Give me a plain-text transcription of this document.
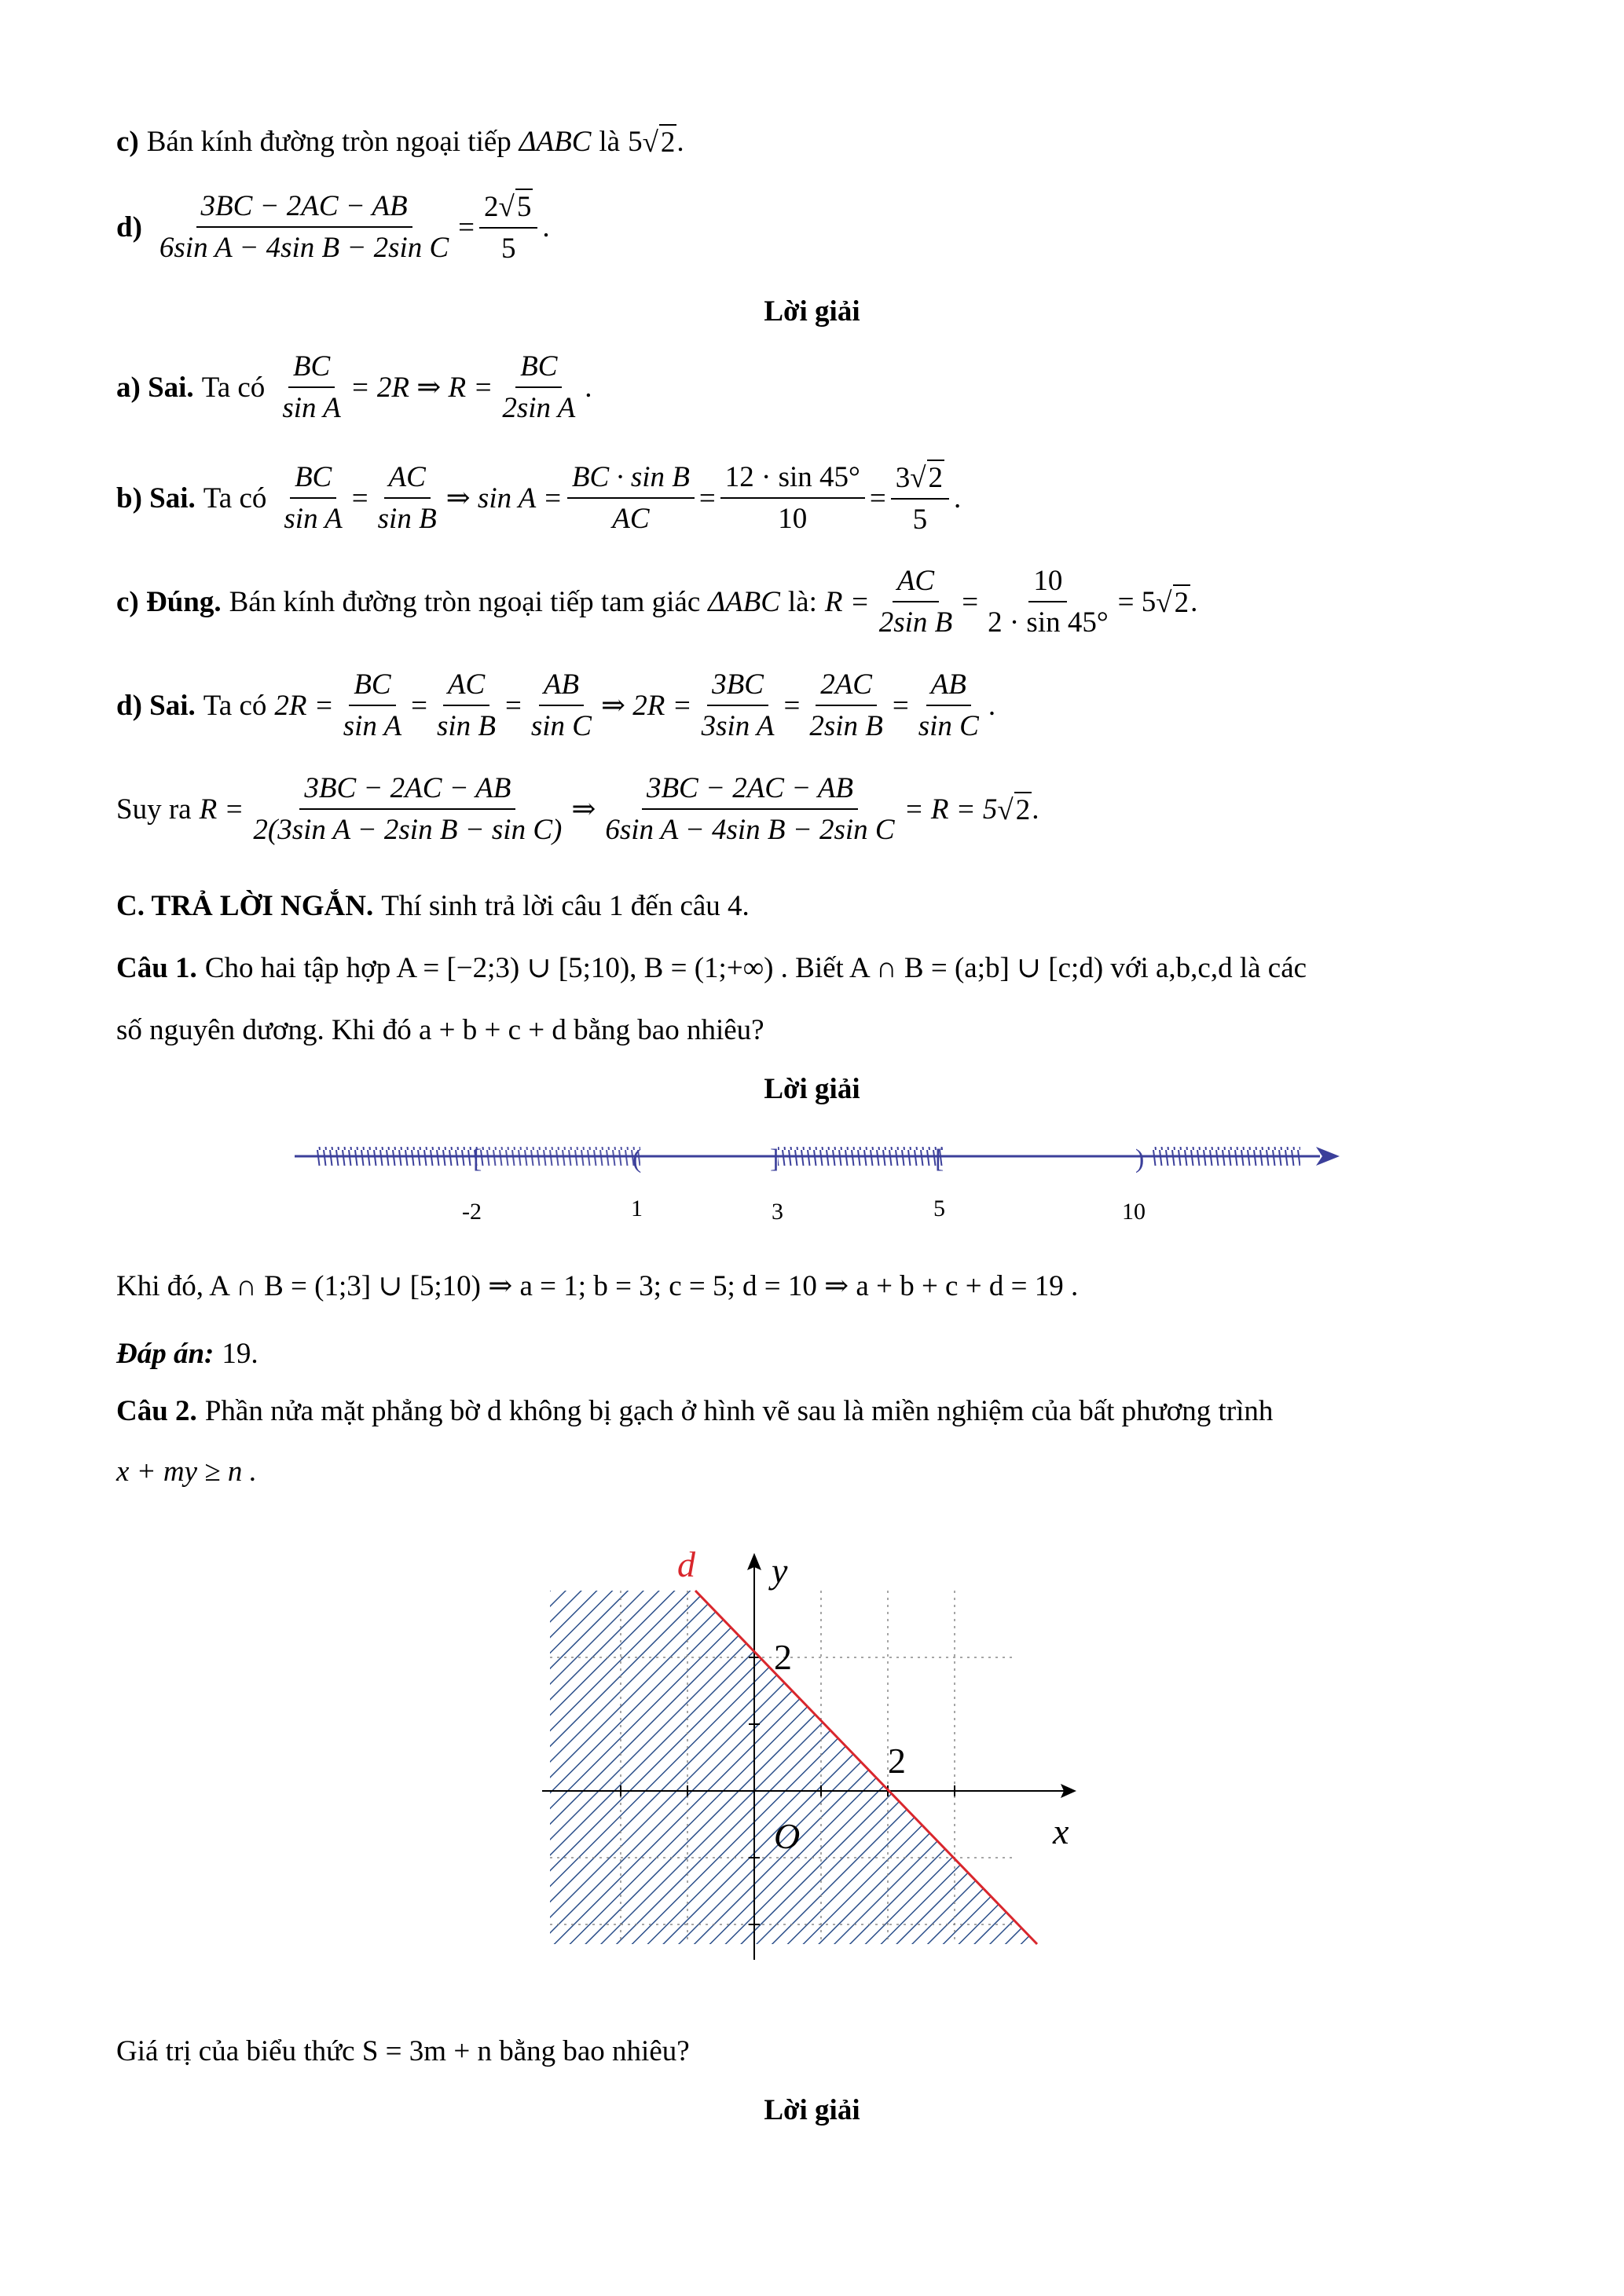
c) Bán kính đường tròn ngoại tiếp ΔABC là 5 √ 2 .
$d) \frac{3BC - 2AC - AB}{\text{6sin A − 4sin B − 2sin C}} = \frac{2√ 5}{5}$ .
Lời giải
a) Sai. Ta có $\frac{BC}{\text{sin A}} = 2R$ ⇒ $R = \frac{BC}{\text{2sin A}}$ .
b) Sai. Ta có $\frac{BC}{\text{sin A}} = \frac{AC}{\text{sin B}}$ ⇒ $\sin A = \frac{\text{BC · sin B}}{AC} = \frac{12 \cdot \sin 45^\circ}{10} = \frac{3√ 2}{5}$ .
c) Đúng. Bán kính đường tròn ngoại tiếp tam giác ΔABC là: $R = \frac{AC}{\text{2sin B}} = \frac{10}{2 \cdot \sin 45^\circ} = 5$ √ 2 .
d) Sai. Ta có $2R = \frac{BC}{\text{sin A}} = \frac{AC}{\text{sin B}} = \frac{AB}{\text{sin C}}$ ⇒ $2R = \frac{3BC}{\text{3sin A}} = \frac{2AC}{\text{2sin B}} = \frac{AB}{\text{sin C}}$ .
Suy ra $R = \frac{3BC - 2AC - AB}{\text{2(3sin A − 2sin B − sin C)}}$ ⇒ $\frac{3BC - 2AC - AB}{\text{6sin A − 4sin B − 2sin C}} = R = 5$ √ 2 .
C. TRẢ LỜI NGẮN. Thí sinh trả lời câu 1 đến câu 4.
Câu 1. Cho hai tập hợp A = [−2;3) ∪ [5;10), B = (1;+∞) . Biết A ∩ B = (a;b] ∪ [c;d) với a,b,c,d là các
số nguyên dương. Khi đó a + b + c + d bằng bao nhiêu?
Lời giải
[	(	]	[	)
-2	1	3	5	10
Khi đó, A ∩ B = (1;3] ∪ [5;10) ⇒ a = 1; b = 3; c = 5; d = 10 ⇒ a + b + c + d = 19 .
Đáp án: 19.
Câu 2. Phần nửa mặt phẳng bờ d không bị gạch ở hình vẽ sau là miền nghiệm của bất phương trình
x + my ≥ n .
d y
x
O
2
2
Giá trị của biểu thức S = 3m + n bằng bao nhiêu?
Lời giải
